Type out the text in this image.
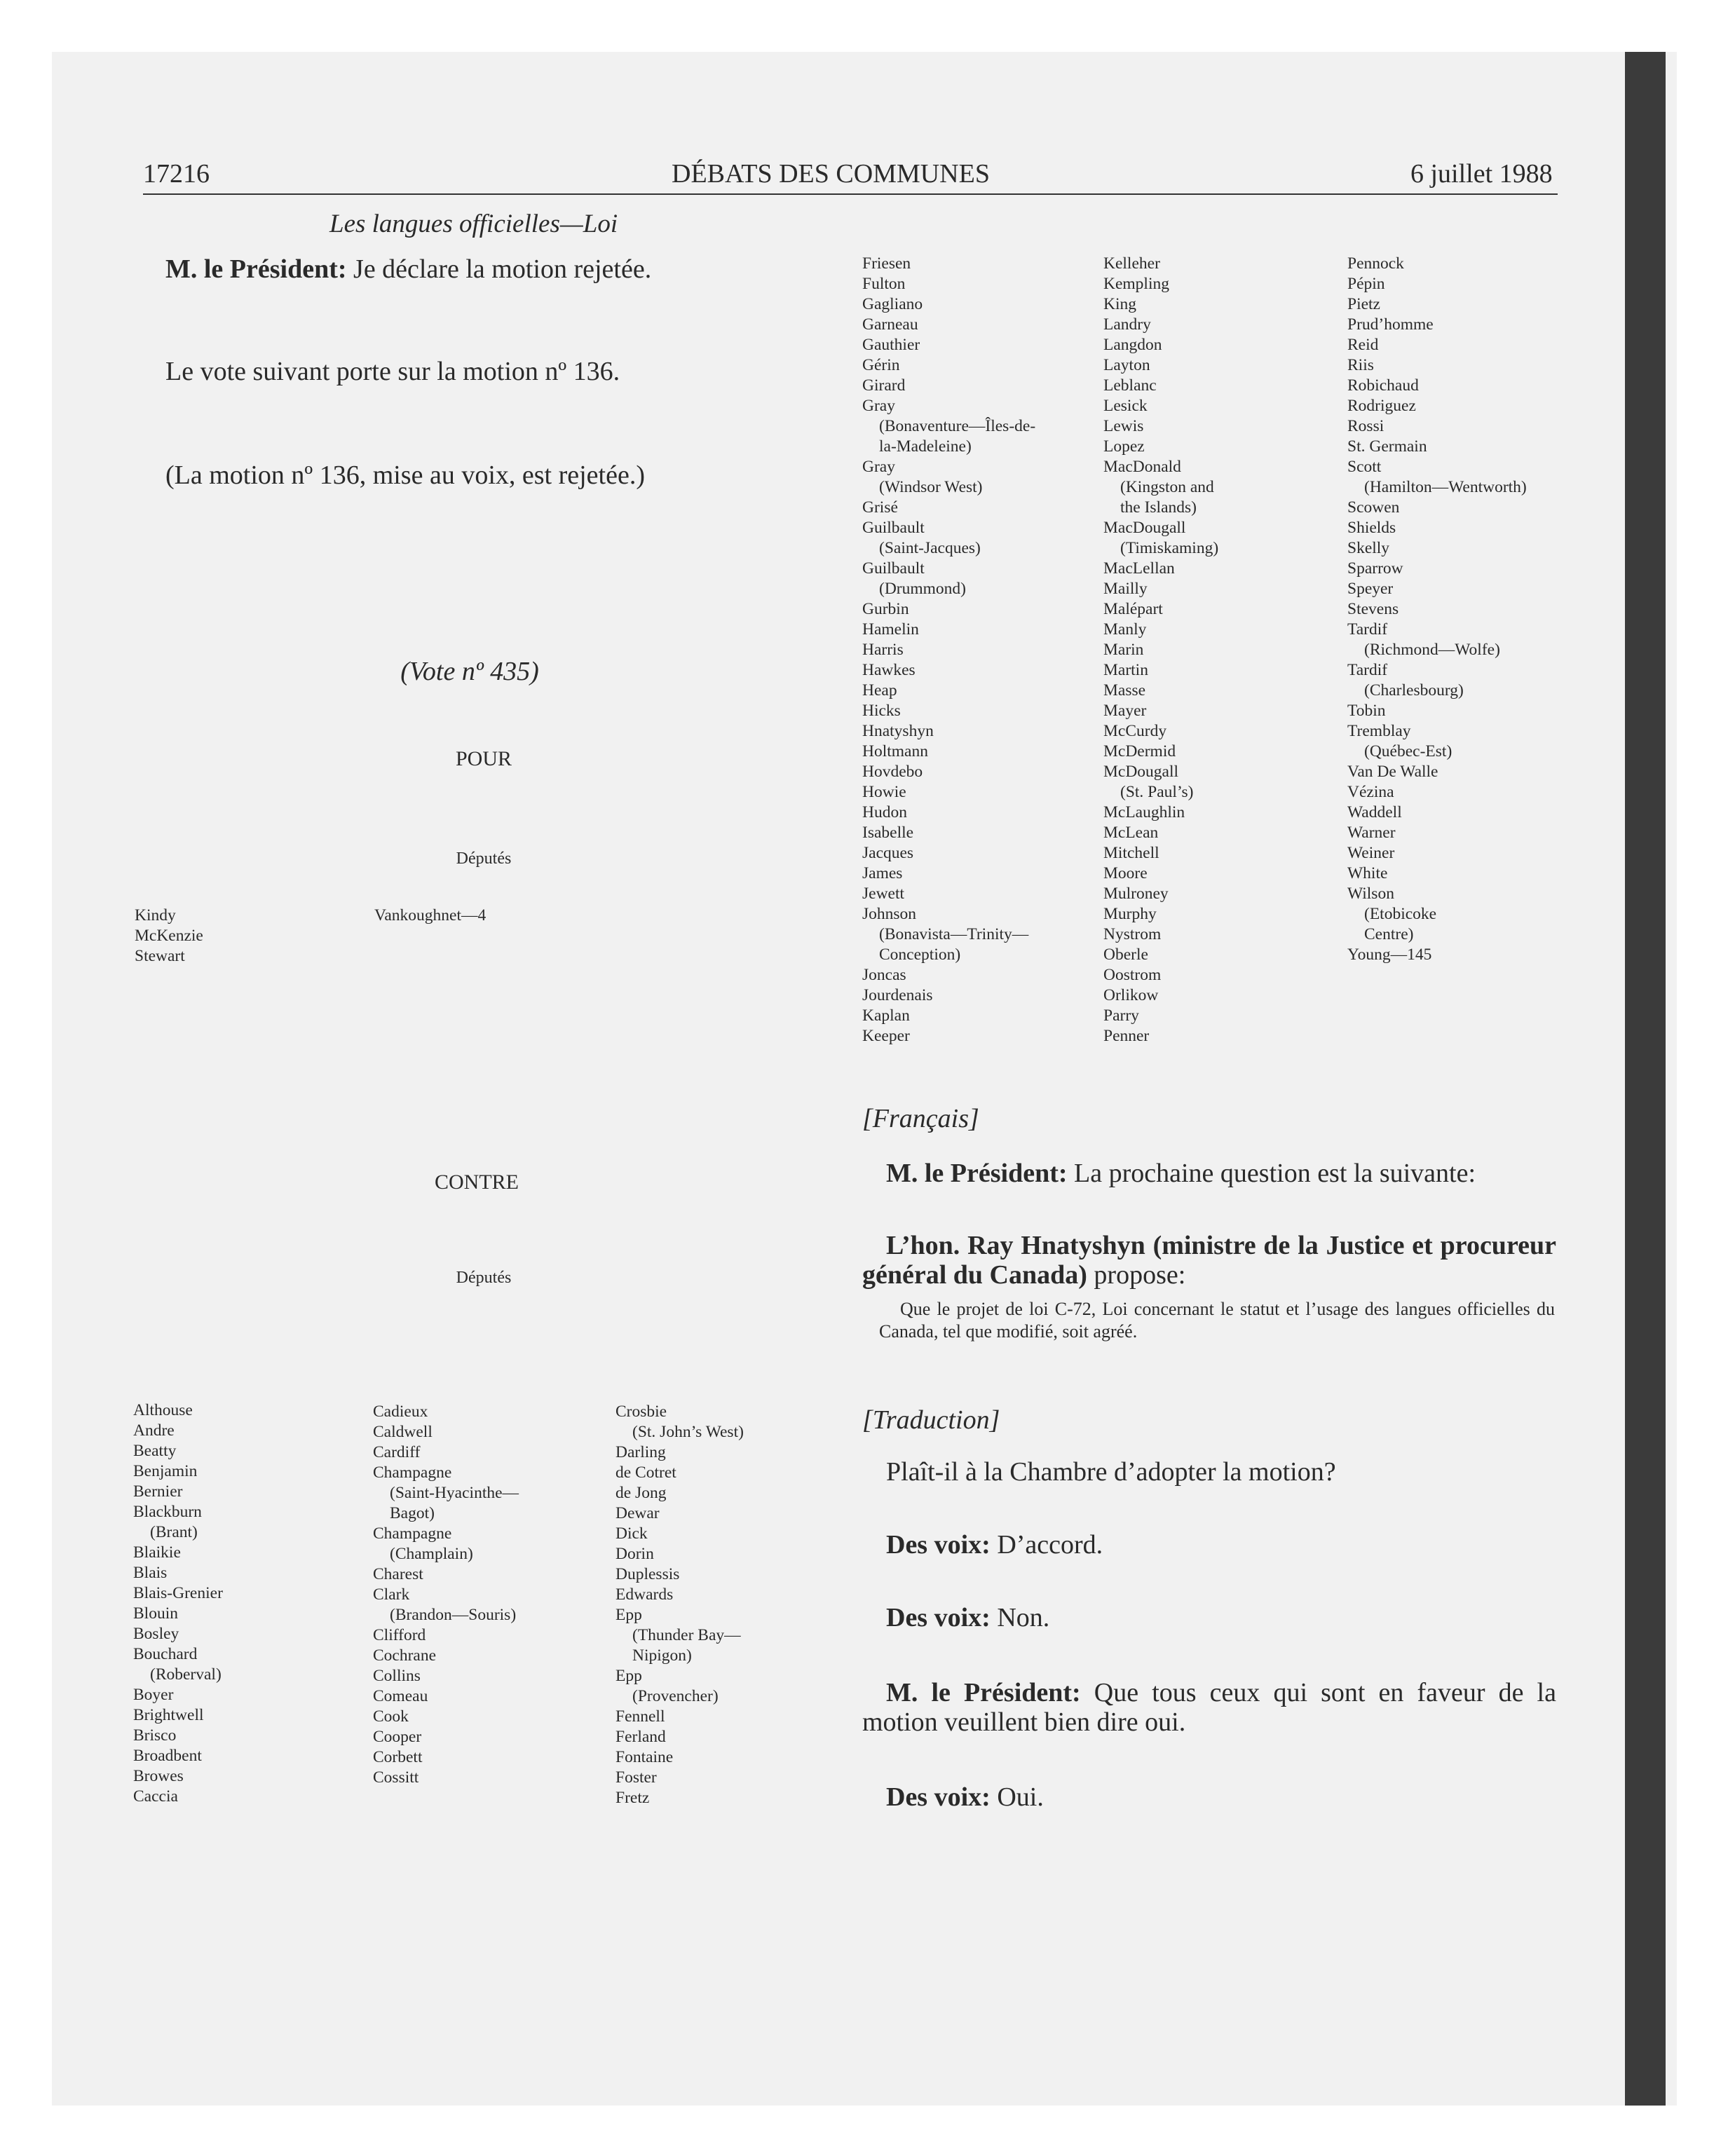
17216	DÉBATS DES COMMUNES	6 juillet 1988
Les langues officielles—Loi

M. le Président: Je déclare la motion rejetée.

Le vote suivant porte sur la motion nº 136.

(La motion nº 136, mise au voix, est rejetée.)

(Vote nº 435)
POUR
Députés
Kindy
McKenzie
Stewart
Vankoughnet—4
CONTRE
Députés
Althouse
Andre
Beatty
Benjamin
Bernier
Blackburn
(Brant)
Blaikie
Blais
Blais-Grenier
Blouin
Bosley
Bouchard
(Roberval)
Boyer
Brightwell
Brisco
Broadbent
Browes
Caccia
Cadieux
Caldwell
Cardiff
Champagne
(Saint-Hyacinthe—
Bagot)
Champagne
(Champlain)
Charest
Clark
(Brandon—Souris)
Clifford
Cochrane
Collins
Comeau
Cook
Cooper
Corbett
Cossitt
Crosbie
(St. John’s West)
Darling
de Cotret
de Jong
Dewar
Dick
Dorin
Duplessis
Edwards
Epp
(Thunder Bay—
Nipigon)
Epp
(Provencher)
Fennell
Ferland
Fontaine
Foster
Fretz
Friesen
Fulton
Gagliano
Garneau
Gauthier
Gérin
Girard
Gray
(Bonaventure—Îles-de-
la-Madeleine)
Gray
(Windsor West)
Grisé
Guilbault
(Saint-Jacques)
Guilbault
(Drummond)
Gurbin
Hamelin
Harris
Hawkes
Heap
Hicks
Hnatyshyn
Holtmann
Hovdebo
Howie
Hudon
Isabelle
Jacques
James
Jewett
Johnson
(Bonavista—Trinity—
Conception)
Joncas
Jourdenais
Kaplan
Keeper
Kelleher
Kempling
King
Landry
Langdon
Layton
Leblanc
Lesick
Lewis
Lopez
MacDonald
(Kingston and
the Islands)
MacDougall
(Timiskaming)
MacLellan
Mailly
Malépart
Manly
Marin
Martin
Masse
Mayer
McCurdy
McDermid
McDougall
(St. Paul’s)
McLaughlin
McLean
Mitchell
Moore
Mulroney
Murphy
Nystrom
Oberle
Oostrom
Orlikow
Parry
Penner
Pennock
Pépin
Pietz
Prud’homme
Reid
Riis
Robichaud
Rodriguez
Rossi
St. Germain
Scott
(Hamilton—Wentworth)
Scowen
Shields
Skelly
Sparrow
Speyer
Stevens
Tardif
(Richmond—Wolfe)
Tardif
(Charlesbourg)
Tobin
Tremblay
(Québec-Est)
Van De Walle
Vézina
Waddell
Warner
Weiner
White
Wilson
(Etobicoke
Centre)
Young—145
[Français]

M. le Président: La prochaine question est la suivante:

L’hon. Ray Hnatyshyn (ministre de la Justice et procureur général du Canada) propose:

Que le projet de loi C-72, Loi concernant le statut et l’usage des langues officielles du Canada, tel que modifié, soit agréé.

[Traduction]

Plaît-il à la Chambre d’adopter la motion?

Des voix: D’accord.

Des voix: Non.

M. le Président: Que tous ceux qui sont en faveur de la motion veuillent bien dire oui.

Des voix: Oui.
